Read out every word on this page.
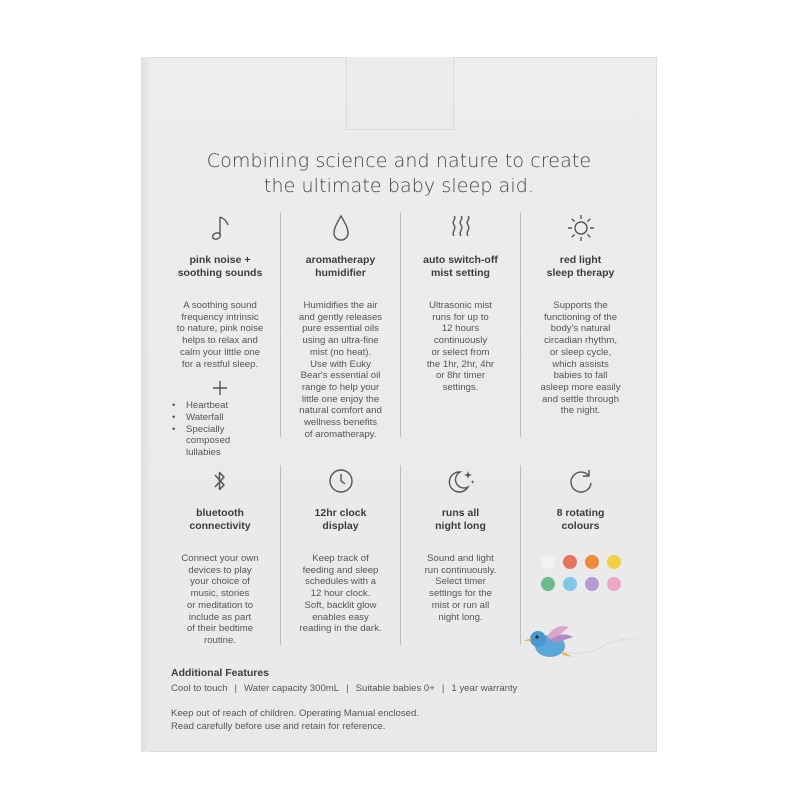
Combining science and nature to create
the ultimate baby sleep aid.
pink noise +
soothing sounds
A soothing sound
frequency intrinsic
to nature, pink noise
helps to relax and
calm your little one
for a restful sleep.
• Heartbeat
• Waterfall
• Specially
composed
lullabies
aromatherapy
humidifier
Humidifies the air
and gently releases
pure essential oils
using an ultra-fine
mist (no heat).
Use with Euky
Bear's essential oil
range to help your
little one enjoy the
natural comfort and
wellness benefits
of aromatherapy.
auto switch-off
mist setting
Ultrasonic mist
runs for up to
12 hours
continuously
or select from
the 1hr, 2hr, 4hr
or 8hr timer
settings.
red light
sleep therapy
Supports the
functioning of the
body's natural
circadian rhythm,
or sleep cycle,
which assists
babies to fall
asleep more easily
and settle through
the night.
bluetooth
connectivity
Connect your own
devices to play
your choice of
music, stories
or meditation to
include as part
of their bedtime
routine.
12hr clock
display
Keep track of
feeding and sleep
schedules with a
12 hour clock.
Soft, backlit glow
enables easy
reading in the dark.
runs all
night long
Sound and light
run continuously.
Select timer
settings for the
mist or run all
night long.
8 rotating
colours
Additional Features
Cool to touch | Water capacity 300mL | Suitable babies 0+ | 1 year warranty
Keep out of reach of children. Operating Manual enclosed.
Read carefully before use and retain for reference.
